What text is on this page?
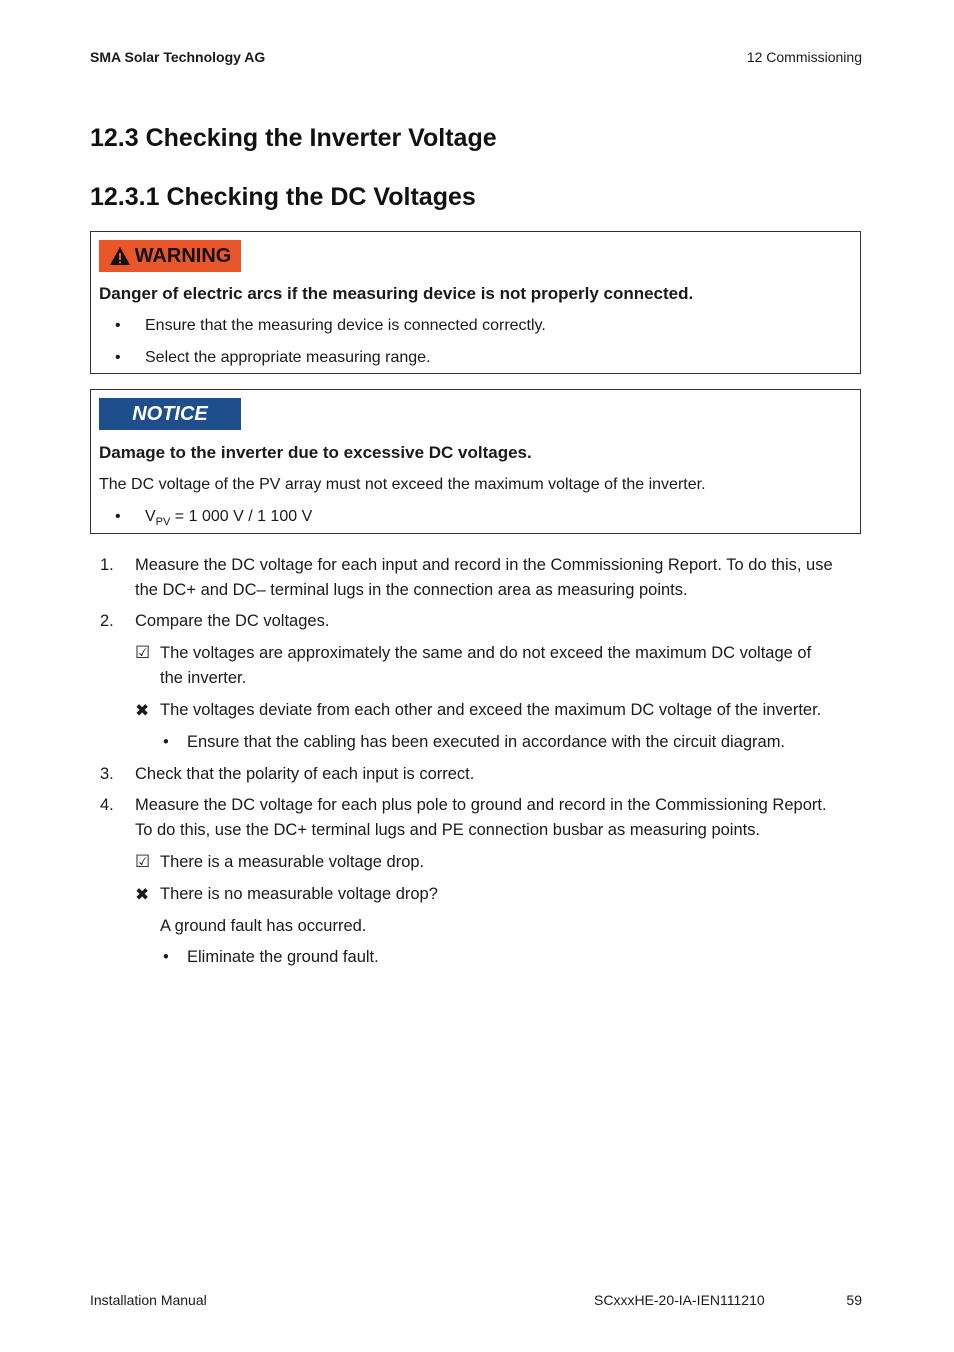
SMA Solar Technology AG	12 Commissioning
12.3 Checking the Inverter Voltage
12.3.1 Checking the DC Voltages
WARNING
Danger of electric arcs if the measuring device is not properly connected.
• Ensure that the measuring device is connected correctly.
• Select the appropriate measuring range.
NOTICE
Damage to the inverter due to excessive DC voltages.
The DC voltage of the PV array must not exceed the maximum voltage of the inverter.
• $V_{PV} = 1$ 000 V / 1 100 V
1. Measure the DC voltage for each input and record in the Commissioning Report. To do this, use
the DC+ and DC– terminal lugs in the connection area as measuring points.
2. Compare the DC voltages.
☑ The voltages are approximately the same and do not exceed the maximum DC voltage of
the inverter.
✖ The voltages deviate from each other and exceed the maximum DC voltage of the inverter.
• Ensure that the cabling has been executed in accordance with the circuit diagram.
3. Check that the polarity of each input is correct.
4. Measure the DC voltage for each plus pole to ground and record in the Commissioning Report.
To do this, use the DC+ terminal lugs and PE connection busbar as measuring points.
☑ There is a measurable voltage drop.
✖ There is no measurable voltage drop?
A ground fault has occurred.
• Eliminate the ground fault.
Installation Manual	SCxxxHE-20-IA-IEN111210	59
